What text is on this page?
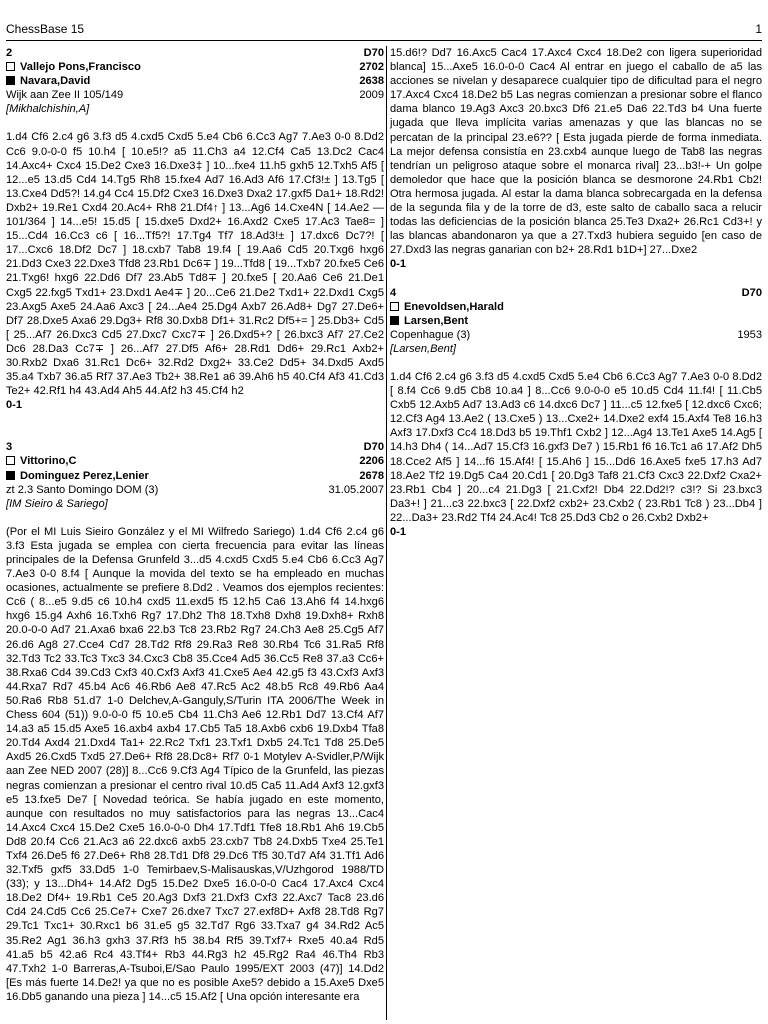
ChessBase 15	1
2	D70
Vallejo Pons,Francisco	2702
Navara,David	2638
Wijk aan Zee II 105/149	2009
[Mikhalchishin,A]

1.d4 Cf6 2.c4 g6 3.f3 d5 4.cxd5 Cxd5 5.e4 Cb6 6.Cc3 Ag7 7.Ae3 0-0 8.Dd2 Cc6 9.0-0-0 f5 10.h4 [ 10.e5!? a5 11.Ch3 a4 12.Cf4 Ca5 13.Dc2 Cac4 14.Axc4+ Cxc4 15.De2 Cxe3 16.Dxe3‡ ] 10...fxe4 11.h5 gxh5 12.Txh5 Af5 [ 12...e5 13.d5 Cd4 14.Tg5 Rh8 15.fxe4 Ad7 16.Ad3 Af6 17.Cf3!± ] 13.Tg5 [ 13.Cxe4 Dd5?! 14.g4 Cc4 15.Df2 Cxe3 16.Dxe3 Dxa2 17.gxf5 Da1+ 18.Rd2! Dxb2+ 19.Re1 Cxd4 20.Ac4+ Rh8 21.Df4↑ ] 13...Ag6 14.Cxe4N [ 14.Ae2 — 101/364 ] 14...e5! 15.d5 [ 15.dxe5 Dxd2+ 16.Axd2 Cxe5 17.Ac3 Tae8= ] 15...Cd4 16.Cc3 c6 [ 16...Tf5?! 17.Tg4 Tf7 18.Ad3!± ] 17.dxc6 Dc7?! [ 17...Cxc6 18.Df2 Dc7 ] 18.cxb7 Tab8 19.f4 [ 19.Aa6 Cd5 20.Txg6 hxg6 21.Dd3 Cxe3 22.Dxe3 Tfd8 23.Rb1 Dc6∓ ] 19...Tfd8 [ 19...Txb7 20.fxe5 Ce6 21.Txg6! hxg6 22.Dd6 Df7 23.Ab5 Td8∓ ] 20.fxe5 [ 20.Aa6 Ce6 21.De1 Cxg5 22.fxg5 Txd1+ 23.Dxd1 Ae4∓ ] 20...Ce6 21.De2 Txd1+ 22.Dxd1 Cxg5 23.Axg5 Axe5 24.Aa6 Axc3 [ 24...Ae4 25.Dg4 Axb7 26.Ad8+ Dg7 27.De6+ Df7 28.Dxe5 Axa6 29.Dg3+ Rf8 30.Dxb8 Df1+ 31.Rc2 Df5+= ] 25.Db3+ Cd5 [ 25...Af7 26.Dxc3 Cd5 27.Dxc7 Cxc7∓ ] 26.Dxd5+? [ 26.bxc3 Af7 27.Ce2 Dc6 28.Da3 Cc7∓ ] 26...Af7 27.Df5 Af6+ 28.Rd1 Dd6+ 29.Rc1 Axb2+ 30.Rxb2 Dxa6 31.Rc1 Dc6+ 32.Rd2 Dxg2+ 33.Ce2 Dd5+ 34.Dxd5 Axd5 35.a4 Txb7 36.a5 Rf7 37.Ae3 Tb2+ 38.Re1 a6 39.Ah6 h5 40.Cf4 Af3 41.Cd3 Te2+ 42.Rf1 h4 43.Ad4 Ah5 44.Af2 h3 45.Cf4 h2

0-1
3	D70
Vittorino,C	2206
Dominguez Perez,Lenier	2678
zt 2.3 Santo Domingo DOM (3)	31.05.2007
[IM Sieiro & Sariego]

(Por el MI Luis Sieiro González y el MI Wilfredo Sariego) 1.d4 Cf6 2.c4 g6 3.f3 Esta jugada se emplea con cierta frecuencia para evitar las líneas principales de la Defensa Grunfeld 3...d5 4.cxd5 Cxd5 5.e4 Cb6 6.Cc3 Ag7 7.Ae3 0-0 8.f4 [ Aunque la movida del texto se ha empleado en muchas ocasiones, actualmente se prefiere 8.Dd2 . Veamos dos ejemplos recientes: Cc6 ( 8...e5 9.d5 c6 10.h4 cxd5 11.exd5 f5 12.h5 Ca6 13.Ah6 f4 14.hxg6 hxg6 15.g4 Axh6 16.Txh6 Rg7 17.Dh2 Th8 18.Txh8 Dxh8 19.Dxh8+ Rxh8 20.0-0-0 Ad7 21.Axa6 bxa6 22.b3 Tc8 23.Rb2 Rg7 24.Ch3 Ae8 25.Cg5 Af7 26.d6 Ag8 27.Cce4 Cd7 28.Td2 Rf8 29.Ra3 Re8 30.Rb4 Tc6 31.Ra5 Rf8 32.Td3 Tc2 33.Tc3 Txc3 34.Cxc3 Cb8 35.Cce4 Ad5 36.Cc5 Re8 37.a3 Cc6+ 38.Rxa6 Cd4 39.Cd3 Cxf3 40.Cxf3 Axf3 41.Cxe5 Ae4 42.g5 f3 43.Cxf3 Axf3 44.Rxa7 Rd7 45.b4 Ac6 46.Rb6 Ae8 47.Rc5 Ac2 48.b5 Rc8 49.Rb6 Aa4 50.Ra6 Rb8 51.d7 1-0 Delchev,A-Ganguly,S/Turin ITA 2006/The Week in Chess 604 (51)) 9.0-0-0 f5 10.e5 Cb4 11.Ch3 Ae6 12.Rb1 Dd7 13.Cf4 Af7 14.a3 a5 15.d5 Axe5 16.axb4 axb4 17.Cb5 Ta5 18.Axb6 cxb6 19.Dxb4 Tfa8 20.Td4 Axd4 21.Dxd4 Ta1+ 22.Rc2 Txf1 23.Txf1 Dxb5 24.Tc1 Td8 25.De5 Axd5 26.Cxd5 Txd5 27.De6+ Rf8 28.Dc8+ Rf7 0-1 Motylev A-Svidler,P/Wijk aan Zee NED 2007 (28)] 8...Cc6 9.Cf3 Ag4 Típico de la Grunfeld, las piezas negras comienzan a presionar el centro rival 10.d5 Ca5 11.Ad4 Axf3 12.gxf3 e5 13.fxe5 De7 [ Novedad teórica. Se había jugado en este momento, aunque con resultados no muy satisfactorios para las negras 13...Cac4 14.Axc4 Cxc4 15.De2 Cxe5 16.0-0-0 Dh4 17.Tdf1 Tfe8 18.Rb1 Ah6 19.Cb5 Dd8 20.f4 Cc6 21.Ac3 a6 22.dxc6 axb5 23.cxb7 Tb8 24.Dxb5 Txe4 25.Te1 Txf4 26.De5 f6 27.De6+ Rh8 28.Td1 Df8 29.Dc6 Tf5 30.Td7 Af4 31.Tf1 Ad6 32.Txf5 gxf5 33.Dd5 1-0 Temirbaev,S-Malisauskas,V/Uzhgorod 1988/TD (33); y 13...Dh4+ 14.Af2 Dg5 15.De2 Dxe5 16.0-0-0 Cac4 17.Axc4 Cxc4 18.De2 Df4+ 19.Rb1 Ce5 20.Ag3 Dxf3 21.Dxf3 Cxf3 22.Axc7 Tac8 23.d6 Cd4 24.Cd5 Cc6 25.Ce7+ Cxe7 26.dxe7 Txc7 27.exf8D+ Axf8 28.Td8 Rg7 29.Tc1 Txc1+ 30.Rxc1 b6 31.e5 g5 32.Td7 Rg6 33.Txa7 g4 34.Rd2 Ac5 35.Re2 Ag1 36.h3 gxh3 37.Rf3 h5 38.b4 Rf5 39.Txf7+ Rxe5 40.a4 Rd5 41.a5 b5 42.a6 Rc4 43.Tf4+ Rb3 44.Rg3 h2 45.Rg2 Ra4 46.Th4 Rb3 47.Txh2 1-0 Barreras,A-Tsuboi,E/Sao Paulo 1995/EXT 2003 (47)] 14.Dd2 [Es más fuerte 14.De2! ya que no es posible Axe5? debido a 15.Axe5 Dxe5 16.Db5 ganando una pieza ] 14...c5 15.Af2 [ Una opción interesante era

15.d6!? Dd7 16.Axc5 Cac4 17.Axc4 Cxc4 18.De2 con ligera superioridad blanca] 15...Axe5 16.0-0-0 Cac4 Al entrar en juego el caballo de a5 las acciones se nivelan y desaparece cualquier tipo de dificultad para el negro 17.Axc4 Cxc4 18.De2 b5 Las negras comienzan a presionar sobre el flanco dama blanco 19.Ag3 Axc3 20.bxc3 Df6 21.e5 Da6 22.Td3 b4 Una fuerte jugada que lleva implícita varias amenazas y que las blancas no se percatan de la principal 23.e6?? [ Esta jugada pierde de forma inmediata. La mejor defensa consistía en 23.cxb4 aunque luego de Tab8 las negras tendrían un peligroso ataque sobre el monarca rival] 23...b3!-+ Un golpe demoledor que hace que la posición blanca se desmorone 24.Rb1 Cb2! Otra hermosa jugada. Al estar la dama blanca sobrecargada en la defensa de la segunda fila y de la torre de d3, este salto de caballo saca a relucir todas las deficiencias de la posición blanca 25.Te3 Dxa2+ 26.Rc1 Cd3+! y las blancas abandonaron ya que a 27.Txd3 hubiera seguido [en caso de 27.Dxd3 las negras ganarian con b2+ 28.Rd1 b1D+] 27...Dxe2

0-1
4	D70
Enevoldsen,Harald
Larsen,Bent
Copenhague (3)	1953
[Larsen,Bent]

1.d4 Cf6 2.c4 g6 3.f3 d5 4.cxd5 Cxd5 5.e4 Cb6 6.Cc3 Ag7 7.Ae3 0-0 8.Dd2 [ 8.f4 Cc6 9.d5 Cb8 10.a4 ] 8...Cc6 9.0-0-0 e5 10.d5 Cd4 11.f4! [ 11.Cb5 Cxb5 12.Axb5 Ad7 13.Ad3 c6 14.dxc6 Dc7 ] 11...c5 12.fxe5 [ 12.dxc6 Cxc6; 12.Cf3 Ag4 13.Ae2 ( 13.Cxe5 ) 13...Cxe2+ 14.Dxe2 exf4 15.Axf4 Te8 16.h3 Axf3 17.Dxf3 Cc4 18.Dd3 b5 19.Thf1 Cxb2 ] 12...Ag4 13.Te1 Axe5 14.Ag5 [ 14.h3 Dh4 ( 14...Ad7 15.Cf3 16.gxf3 De7 ) 15.Rb1 f6 16.Tc1 a6 17.Af2 Dh5 18.Cce2 Af5 ] 14...f6 15.Af4! [ 15.Ah6 ] 15...Dd6 16.Axe5 fxe5 17.h3 Ad7 18.Ae2 Tf2 19.Dg5 Ca4 20.Cd1 [ 20.Dg3 Taf8 21.Cf3 Cxc3 22.Dxf2 Cxa2+ 23.Rb1 Cb4 ] 20...c4 21.Dg3 [ 21.Cxf2! Db4 22.Dd2!? c3!? Si 23.bxc3 Da3+! ] 21...c3 22.bxc3 [ 22.Dxf2 cxb2+ 23.Cxb2 ( 23.Rb1 Tc8 ) 23...Db4 ] 22...Da3+ 23.Rd2 Tf4 24.Ac4! Tc8 25.Dd3 Cb2 o 26.Cxb2 Dxb2+

0-1
